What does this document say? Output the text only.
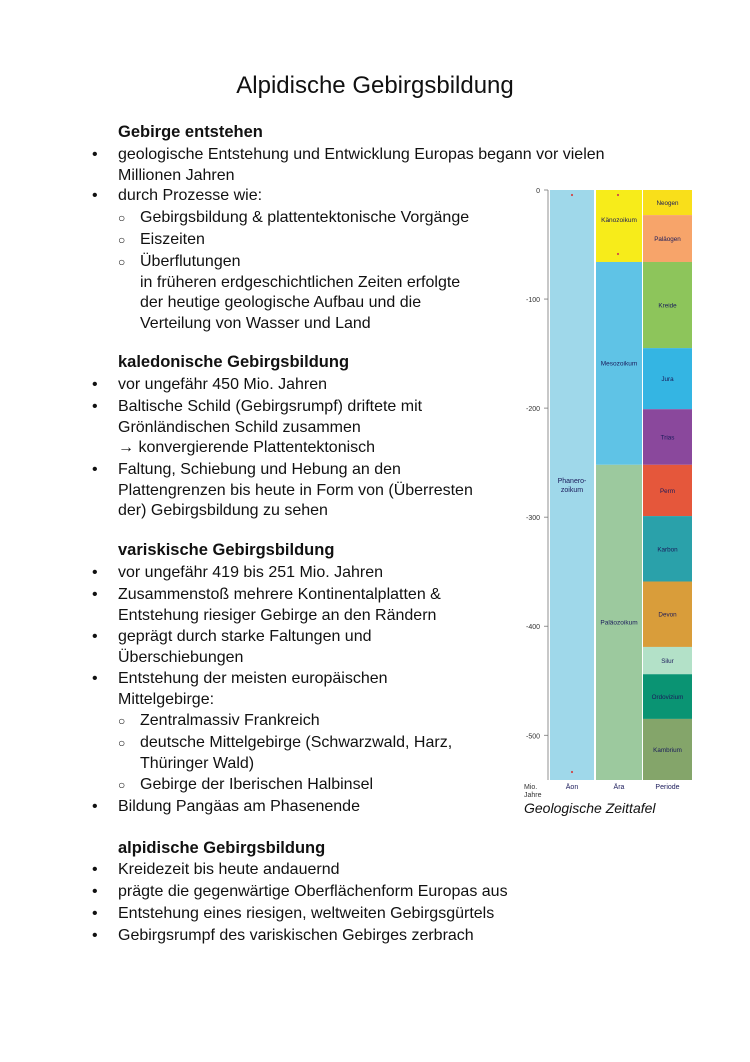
Alpidische Gebirgsbildung
Gebirge entstehen
• geologische Entstehung und Entwicklung Europas begann vor vielen
Millionen Jahren
• durch Prozesse wie:
○ Gebirgsbildung & plattentektonische Vorgänge
○ Eiszeiten
○ Überflutungen
in früheren erdgeschichtlichen Zeiten erfolgte
der heutige geologische Aufbau und die
Verteilung von Wasser und Land
kaledonische Gebirgsbildung
• vor ungefähr 450 Mio. Jahren
• Baltische Schild (Gebirgsrumpf) driftete mit
Grönländischen Schild zusammen
→ konvergierende Plattentektonisch
• Faltung, Schiebung und Hebung an den
Plattengrenzen bis heute in Form von (Überresten
der) Gebirgsbildung zu sehen
variskische Gebirgsbildung
• vor ungefähr 419 bis 251 Mio. Jahren
• Zusammenstoß mehrere Kontinentalplatten &
Entstehung riesiger Gebirge an den Rändern
• geprägt durch starke Faltungen und
Überschiebungen
• Entstehung der meisten europäischen
Mittelgebirge:
○ Zentralmassiv Frankreich
○ deutsche Mittelgebirge (Schwarzwald, Harz,
Thüringer Wald)
○ Gebirge der Iberischen Halbinsel
• Bildung Pangäas am Phasenende
alpidische Gebirgsbildung
• Kreidezeit bis heute andauernd
• prägte die gegenwärtige Oberflächenform Europas aus
• Entstehung eines riesigen, weltweiten Gebirgsgürtels
• Gebirgsrumpf des variskischen Gebirges zerbrach
0
-100
-200
-300
-400
-500
Phanero-
zoikum
Känozoikum
Mesozoikum
Paläozoikum
Neogen
Paläogen
Kreide
Jura
Trias
Perm
Karbon
Devon
Silur
Ordovizium
Kambrium
Äon	Ära	Periode
Mio.
Jahre
Geologische Zeittafel
